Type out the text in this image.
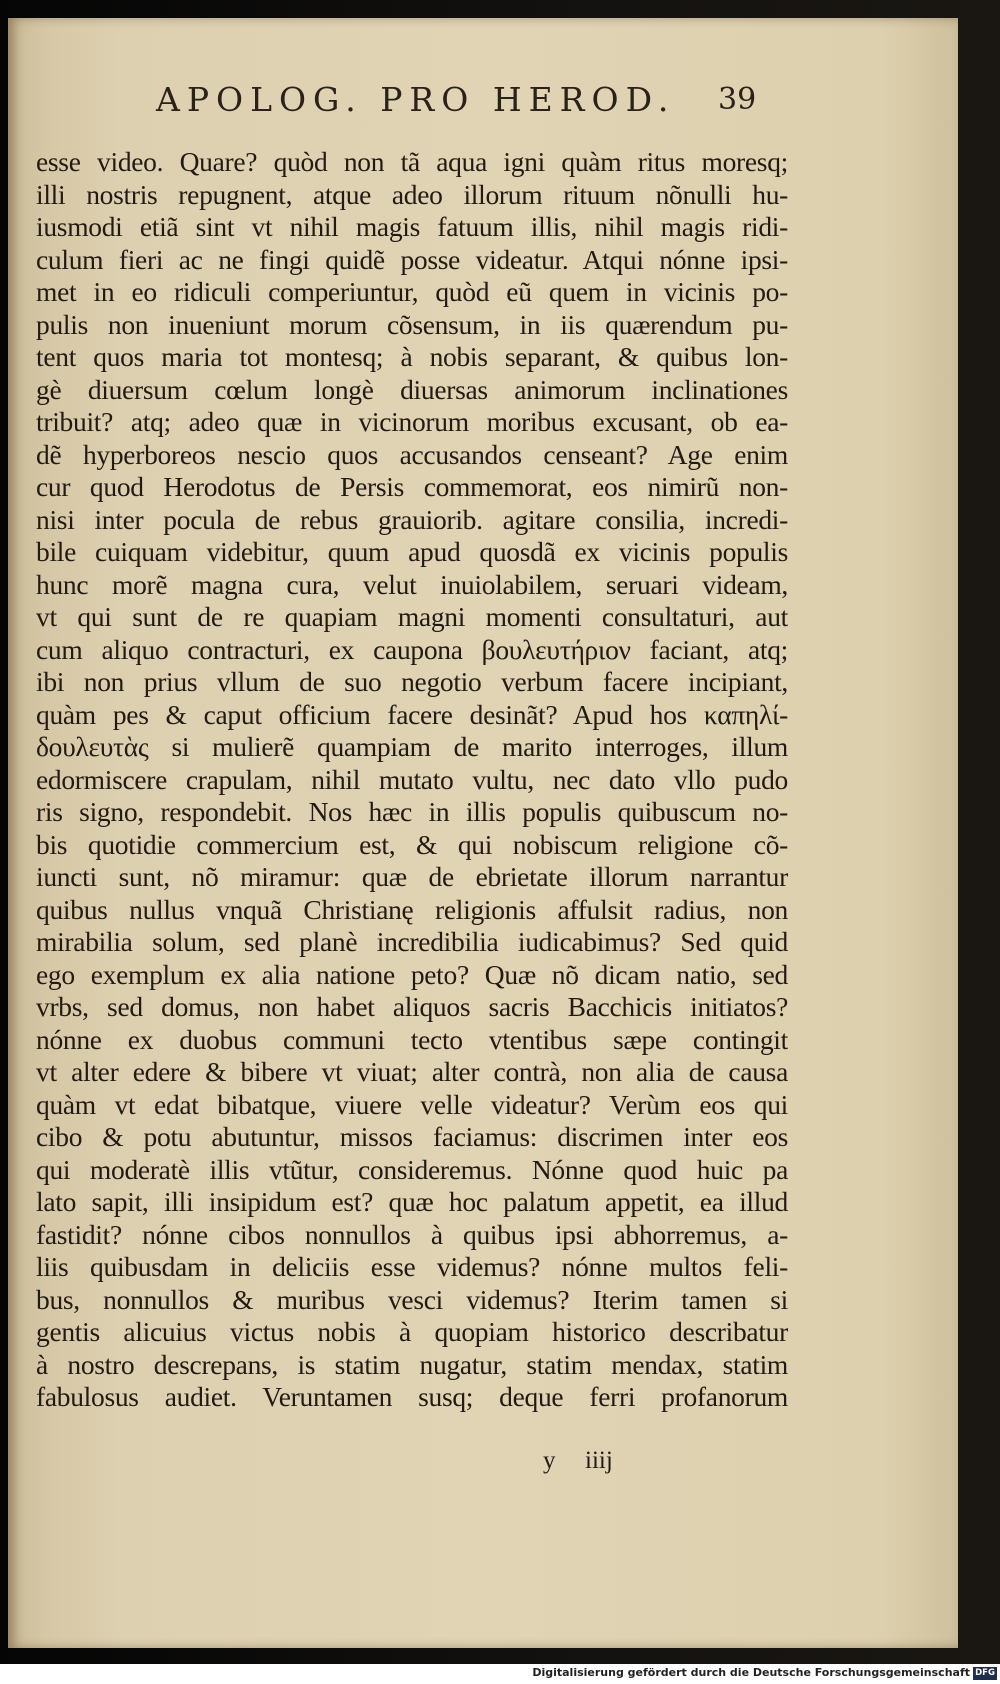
APOLOG. PRO HEROD. 39
esse video. Quare? quòd non tã aqua igni quàm ritus moresq;
illi nostris repugnent, atque adeo illorum rituum nõnulli hu-
iusmodi etiã sint vt nihil magis fatuum illis, nihil magis ridi-
culum fieri ac ne fingi quidẽ posse videatur. Atqui nónne ipsi-
met in eo ridiculi comperiuntur, quòd eũ quem in vicinis po-
pulis non inueniunt morum cõsensum, in iis quærendum pu-
tent quos maria tot montesq; à nobis separant, & quibus lon-
gè diuersum cœlum longè diuersas animorum inclinationes
tribuit? atq; adeo quæ in vicinorum moribus excusant, ob ea-
dẽ hyperboreos nescio quos accusandos censeant? Age enim
cur quod Herodotus de Persis commemorat, eos nimirũ non-
nisi inter pocula de rebus grauiorib. agitare consilia, incredi-
bile cuiquam videbitur, quum apud quosdã ex vicinis populis
hunc morẽ magna cura, velut inuiolabilem, seruari videam,
vt qui sunt de re quapiam magni momenti consultaturi, aut
cum aliquo contracturi, ex caupona βουλευτήριον faciant, atq;
ibi non prius vllum de suo negotio verbum facere incipiant,
quàm pes & caput officium facere desinãt? Apud hos καπηλί-
δουλευτὰς si mulierẽ quampiam de marito interroges, illum
edormiscere crapulam, nihil mutato vultu, nec dato vllo pudo
ris signo, respondebit. Nos hæc in illis populis quibuscum no-
bis quotidie commercium est, & qui nobiscum religione cõ-
iuncti sunt, nõ miramur: quæ de ebrietate illorum narrantur
quibus nullus vnquã Christianę religionis affulsit radius, non
mirabilia solum, sed planè incredibilia iudicabimus? Sed quid
ego exemplum ex alia natione peto? Quæ nõ dicam natio, sed
vrbs, sed domus, non habet aliquos sacris Bacchicis initiatos?
nónne ex duobus communi tecto vtentibus sæpe contingit
vt alter edere & bibere vt viuat; alter contrà, non alia de causa
quàm vt edat bibatque, viuere velle videatur? Verùm eos qui
cibo & potu abutuntur, missos faciamus: discrimen inter eos
qui moderatè illis vtũtur, consideremus. Nónne quod huic pa
lato sapit, illi insipidum est? quæ hoc palatum appetit, ea illud
fastidit? nónne cibos nonnullos à quibus ipsi abhorremus, a-
liis quibusdam in deliciis esse videmus? nónne multos feli-
bus, nonnullos & muribus vesci videmus? Iterim tamen si
gentis alicuius victus nobis à quopiam historico describatur
à nostro descrepans, is statim nugatur, statim mendax, statim
fabulosus audiet. Veruntamen susq; deque ferri profanorum
y iiij
Digitalisierung gefördert durch die Deutsche Forschungsgemeinschaft DFG
